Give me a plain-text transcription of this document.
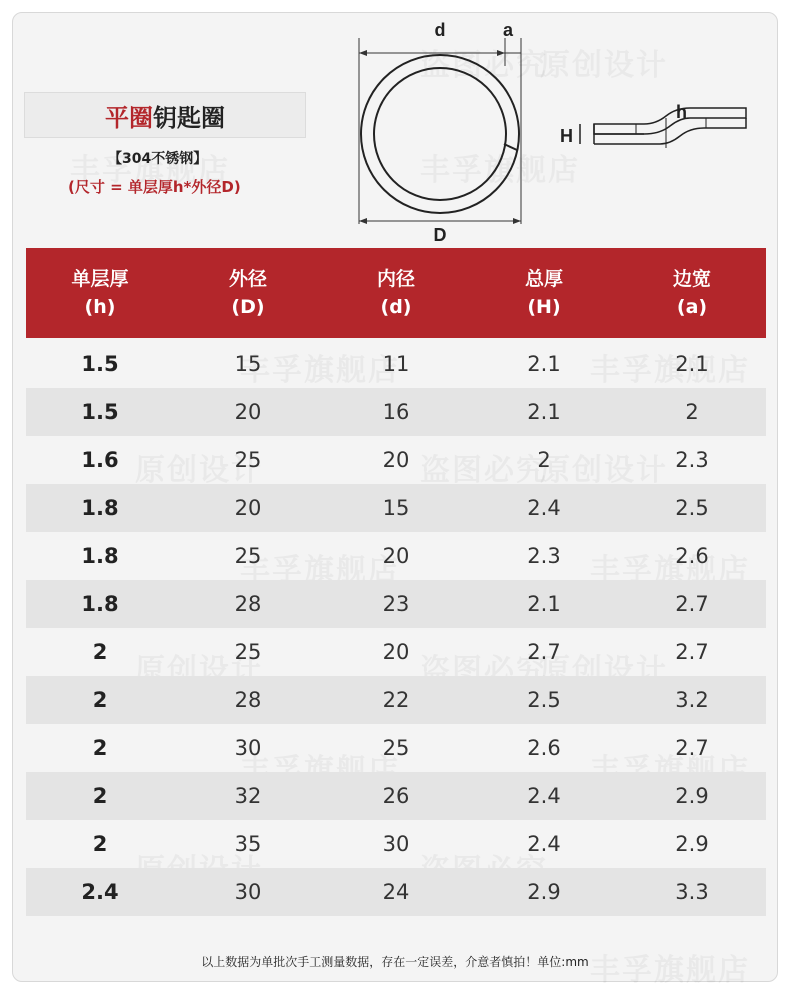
平圈 钥匙圈
【304不锈钢】
(尺寸 = 单层厚h*外径D)
d	a
D
H
h
单层厚
(h)
外径
(D)
内径
(d)
总厚
(H)
边宽
(a)
1.5	15	11	2.1	2.1
1.5	20	16	2.1	2
1.6	25	20	2	2.3
1.8	20	15	2.4	2.5
1.8	25	20	2.3	2.6
1.8	28	23	2.1	2.7
2	25	20	2.7	2.7
2	28	22	2.5	3.2
2	30	25	2.6	2.7
2	32	26	2.4	2.9
2	35	30	2.4	2.9
2.4	30	24	2.9	3.3
以上数据为单批次手工测量数据，存在一定误差，介意者慎拍！单位:mm
